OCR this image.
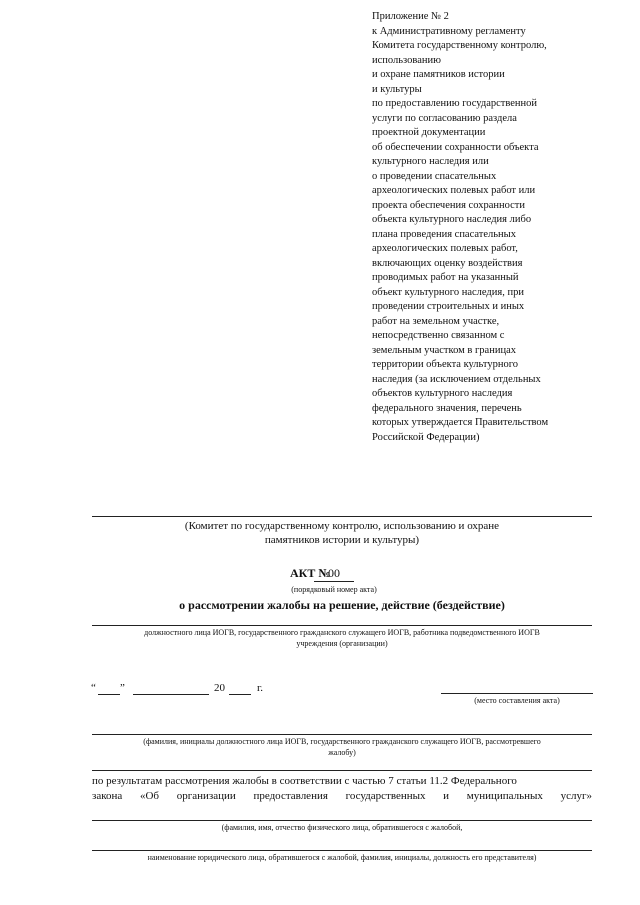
Приложение № 2
к Административному регламенту
Комитета государственному контролю,
использованию
и охране памятников истории
и культуры
по предоставлению государственной
услуги по согласованию раздела
проектной документации
об обеспечении сохранности объекта
культурного наследия или
о проведении спасательных
археологических полевых работ или
проекта обеспечения сохранности
объекта культурного наследия либо
плана проведения спасательных
археологических полевых работ,
включающих оценку воздействия
проводимых работ на указанный
объект культурного наследия, при
проведении строительных и иных
работ на земельном участке,
непосредственно связанном с
земельным участком в границах
территории объекта культурного
наследия (за исключением отдельных
объектов культурного наследия
федерального значения, перечень
которых утверждается Правительством
Российской Федерации)
(Комитет по государственному контролю, использованию и охране
памятников истории и культуры)
АКТ №
00
(порядковый номер акта)
о рассмотрении жалобы на решение, действие (бездействие)
должностного лица ИОГВ, государственного гражданского служащего ИОГВ, работника подведомственного ИОГВ
учреждения (организации)
“ ”	20	г.
(место составления акта)
(фамилия, инициалы должностного лица ИОГВ, государственного гражданского служащего ИОГВ, рассмотревшего
жалобу)
по результатам рассмотрения жалобы в соответствии с частью 7 статьи 11.2 Федерального
закона «Об организации предоставления государственных и муниципальных услуг»
(фамилия, имя, отчество физического лица, обратившегося с жалобой,
наименование юридического лица, обратившегося с жалобой, фамилия, инициалы, должность его представителя)
